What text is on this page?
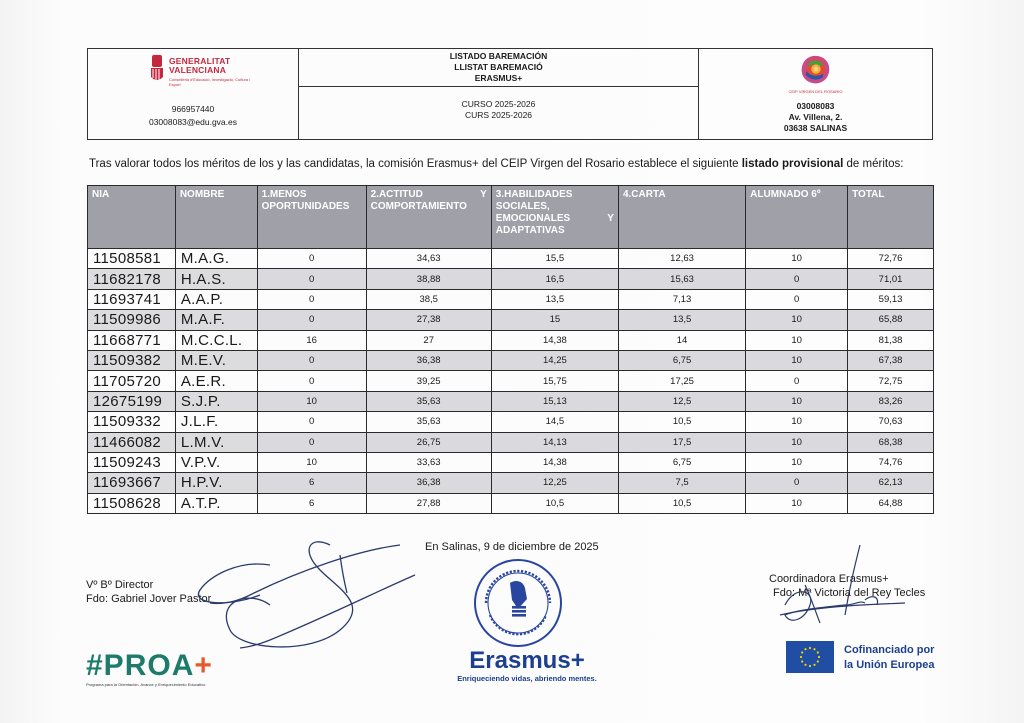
GENERALITAT
VALENCIANA
Conselleria d'Educació, Investigació, Cultura i Esport
966957440
03008083@edu.gva.es
LISTADO BAREMACIÓN
LLISTAT BAREMACIÓ
ERASMUS+
CURSO 2025-2026
CURS 2025-2026
CEIP VIRGEN DEL ROSARIO
03008083
Av. Villena, 2.
03638 SALINAS
Tras valorar todos los méritos de los y las candidatas, la comisión Erasmus+ del CEIP Virgen del Rosario establece el siguiente listado provisional de méritos:
NIA	NOMBRE	1.MENOS OPORTUNIDADES	2.ACTITUD Y COMPORTAMIENTO	3.HABILIDADES SOCIALES, EMOCIONALES Y ADAPTATIVAS	4.CARTA	ALUMNADO 6º	TOTAL
11508581	M.A.G.	0	34,63	15,5	12,63	10	72,76
11682178	H.A.S.	0	38,88	16,5	15,63	0	71,01
11693741	A.A.P.	0	38,5	13,5	7,13	0	59,13
11509986	M.A.F.	0	27,38	15	13,5	10	65,88
11668771	M.C.C.L.	16	27	14,38	14	10	81,38
11509382	M.E.V.	0	36,38	14,25	6,75	10	67,38
11705720	A.E.R.	0	39,25	15,75	17,25	0	72,75
12675199	S.J.P.	10	35,63	15,13	12,5	10	83,26
11509332	J.L.F.	0	35,63	14,5	10,5	10	70,63
11466082	L.M.V.	0	26,75	14,13	17,5	10	68,38
11509243	V.P.V.	10	33,63	14,38	6,75	10	74,76
11693667	H.P.V.	6	36,38	12,25	7,5	0	62,13
11508628	A.T.P.	6	27,88	10,5	10,5	10	64,88
En Salinas, 9 de diciembre de 2025
Vº Bº Director
Fdo: Gabriel Jover Pastor
Coordinadora Erasmus+
Fdo: Mª Victoria del Rey Tecles
Erasmus+
Enriqueciendo vidas, abriendo mentes.
#PROA+
Programa para la Orientación, Avance y Enriquecimiento Educativo
Cofinanciado por
la Unión Europea
